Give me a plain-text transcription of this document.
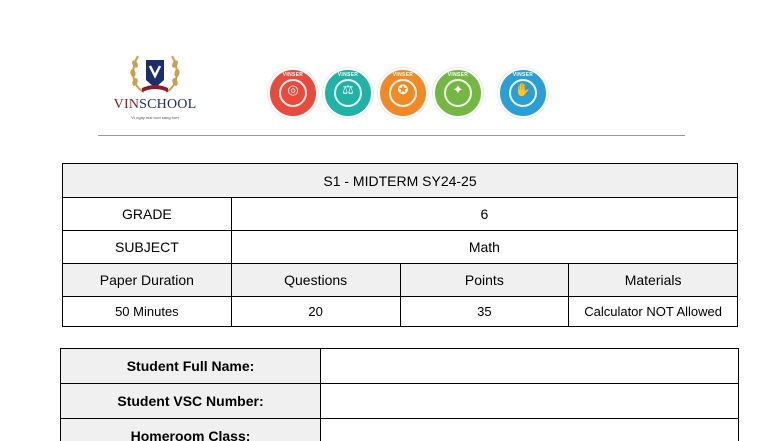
VINSCHOOL
Vì ngày mai tươi sáng hơn
VINSER
◎
VINSER
⚖
VINSER
✪
VINSER
✦
VINSER
✋
S1 - MIDTERM SY24-25			
GRADE	6		
SUBJECT	Math		
Paper Duration	Questions	Points	Materials
50 Minutes	20	35	Calculator NOT Allowed
Student Full Name:	
Student VSC Number:	
Homeroom Class:	
